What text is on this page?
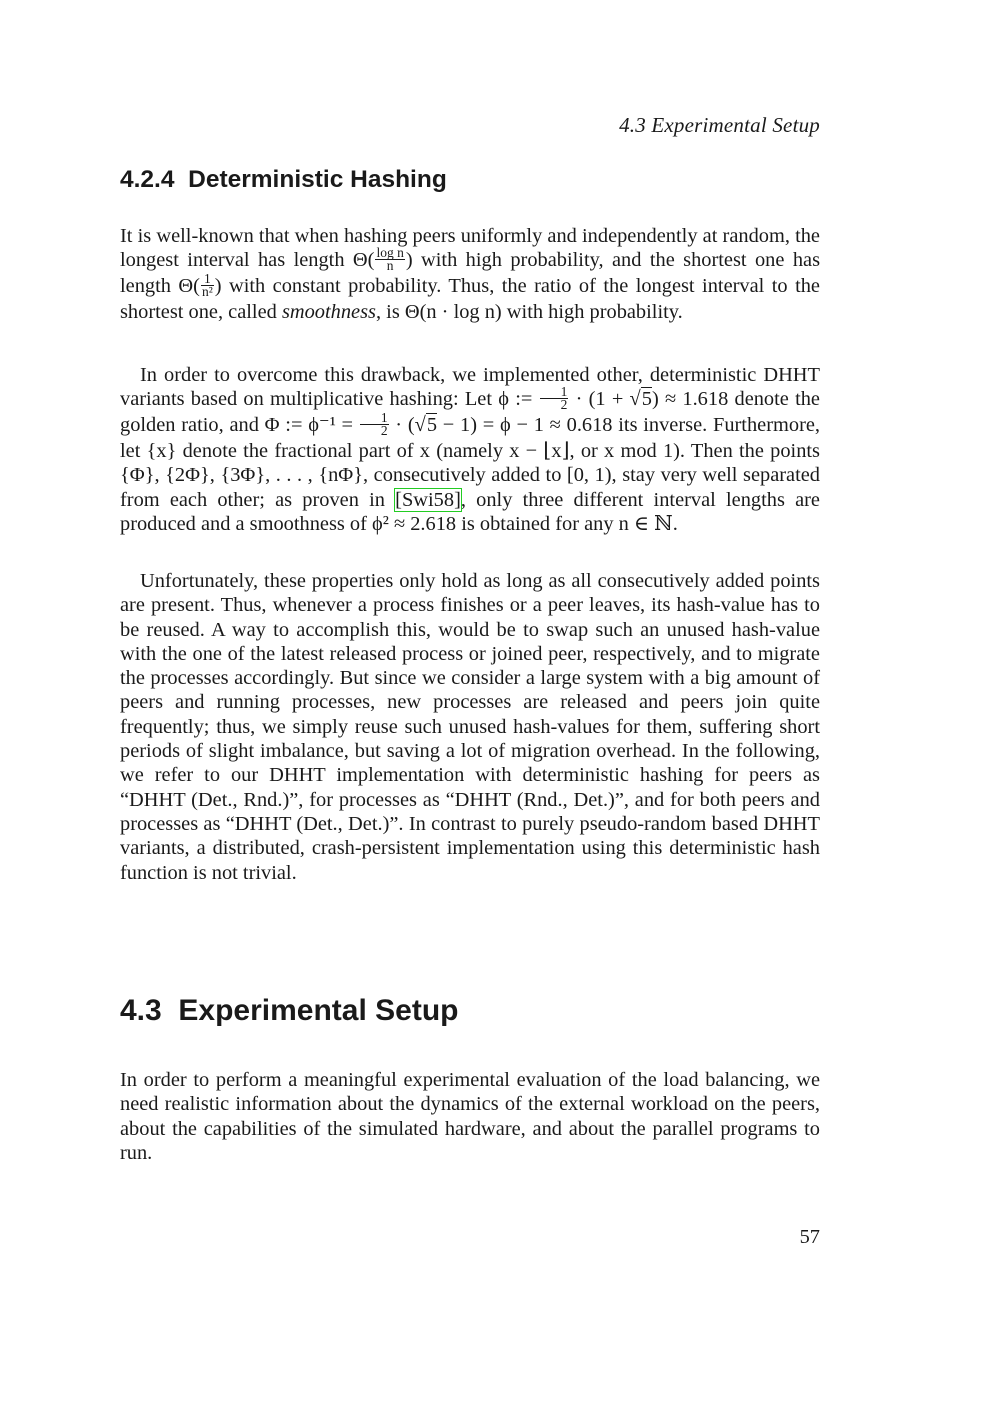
4.3 Experimental Setup
4.2.4 Deterministic Hashing
It is well-known that when hashing peers uniformly and independently at random, the longest interval has length $\Theta( \frac{\text{log n}}{n}$ ) with high probability, and the shortest one has length $\Theta( \frac{1}{\text{n²}}$ ) with constant probability. Thus, the ratio of the longest interval to the shortest one, called smoothness, is Θ(n · log n) with high probability.
In order to overcome this drawback, we implemented other, deterministic DHHT variants based on multiplicative hashing: Let ϕ := $\frac{1}{2} \cdot (1 + √5) \approx 1.618$ denote the golden ratio, and Φ := $\phi^{-1} = \frac{1}{2} \cdot (√5 - 1) = \phi - 1 \approx 0.618$ its inverse. Furthermore, let {x} denote the fractional part of x (namely x − ⌊x⌋, or x mod 1). Then the points {Φ}, {2Φ}, {3Φ}, . . . , {nΦ}, consecutively added to [0, 1), stay very well separated from each other; as proven in [Swi58], only three different interval lengths are produced and a smoothness of ϕ² ≈ 2.618 is obtained for any n ∈ ℕ.
Unfortunately, these properties only hold as long as all consecutively added points are present. Thus, whenever a process finishes or a peer leaves, its hash-value has to be reused. A way to accomplish this, would be to swap such an unused hash-value with the one of the latest released process or joined peer, respectively, and to migrate the processes accordingly. But since we consider a large system with a big amount of peers and running processes, new processes are released and peers join quite frequently; thus, we simply reuse such unused hash-values for them, suffering short periods of slight imbalance, but saving a lot of migration overhead. In the following, we refer to our DHHT implementation with deterministic hashing for peers as “DHHT (Det., Rnd.)”, for processes as “DHHT (Rnd., Det.)”, and for both peers and processes as “DHHT (Det., Det.)”. In contrast to purely pseudo-random based DHHT variants, a distributed, crash-persistent implementation using this deterministic hash function is not trivial.
4.3 Experimental Setup
In order to perform a meaningful experimental evaluation of the load balancing, we need realistic information about the dynamics of the external workload on the peers, about the capabilities of the simulated hardware, and about the parallel programs to run.
57
